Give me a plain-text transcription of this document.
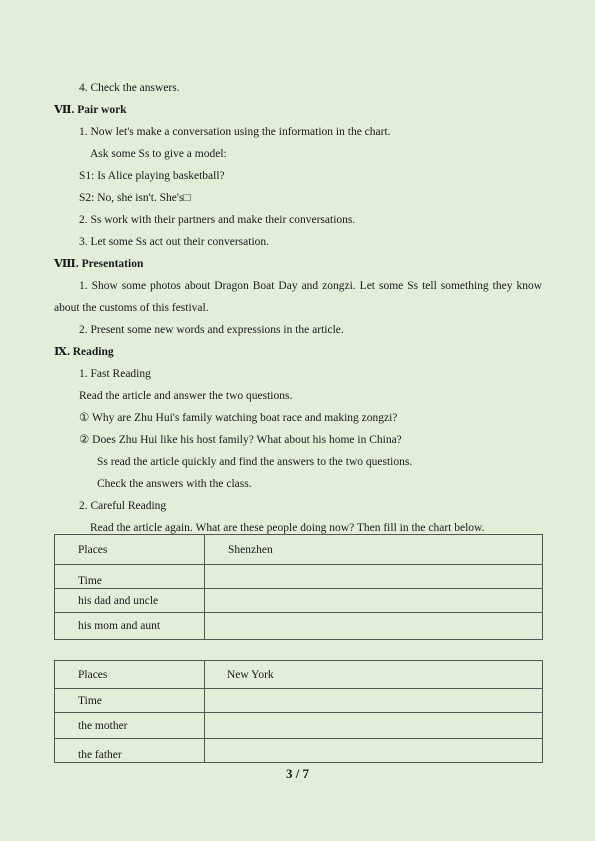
4. Check the answers.
Ⅶ. Pair work
1. Now let's make a conversation using the information in the chart.
Ask some Ss to give a model:
S1: Is Alice playing basketball?
S2: No, she isn't. She's□
2. Ss work with their partners and make their conversations.
3. Let some Ss act out their conversation.
Ⅷ. Presentation
1. Show some photos about Dragon Boat Day and zongzi. Let some Ss tell something they know about the customs of this festival.
2. Present some new words and expressions in the article.
Ⅸ. Reading
1. Fast Reading
Read the article and answer the two questions.
① Why are Zhu Hui's family watching boat race and making zongzi?
② Does Zhu Hui like his host family? What about his home in China?
Ss read the article quickly and find the answers to the two questions.
Check the answers with the class.
2. Careful Reading
Read the article again. What are these people doing now? Then fill in the chart below.
Places	Shenzhen
Time	
his dad and uncle	
his mom and aunt	
Places	New York
Time	
the mother	
the father	
3 / 7
